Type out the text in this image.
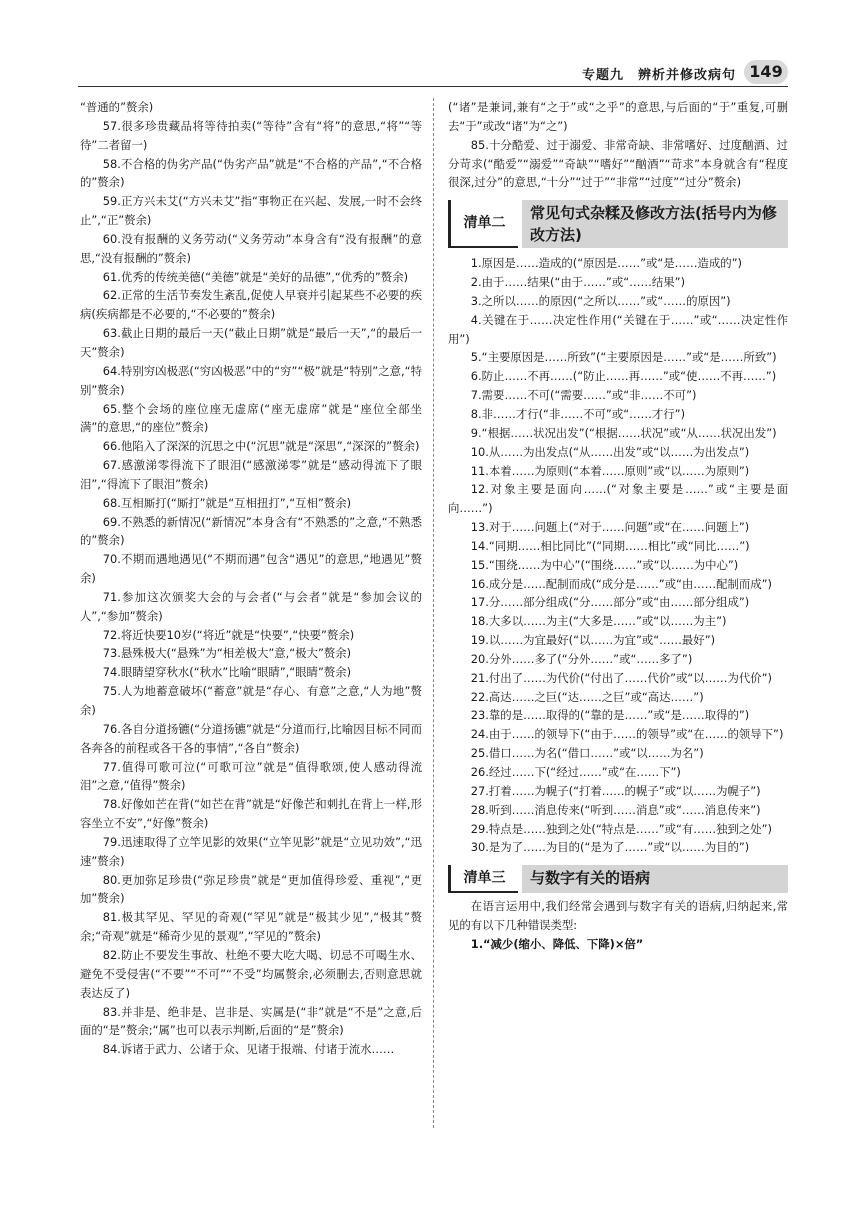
专题九　辨析并修改病句 149

“普通的”赘余)

57.很多珍贵藏品将等待拍卖(“等待”含有“将”的意思,“将”“等待”二者留一)

58.不合格的伪劣产品(“伪劣产品”就是“不合格的产品”,“不合格的”赘余)

59.正方兴未艾(“方兴未艾”指“事物正在兴起、发展,一时不会终止”,“正”赘余)

60.没有报酬的义务劳动(“义务劳动”本身含有“没有报酬”的意思,“没有报酬的”赘余)

61.优秀的传统美德(“美德”就是“美好的品德”,“优秀的”赘余)

62.正常的生活节奏发生紊乱,促使人早衰并引起某些不必要的疾病(疾病都是不必要的,“不必要的”赘余)

63.截止日期的最后一天(“截止日期”就是“最后一天”,“的最后一天”赘余)

64.特别穷凶极恶(“穷凶极恶”中的“穷”“极”就是“特别”之意,“特别”赘余)

65.整个会场的座位座无虚席(“座无虚席”就是“座位全部坐满”的意思,“的座位”赘余)

66.他陷入了深深的沉思之中(“沉思”就是“深思”,“深深的”赘余)

67.感激涕零得流下了眼泪(“感激涕零”就是“感动得流下了眼泪”,“得流下了眼泪”赘余)

68.互相厮打(“厮打”就是“互相扭打”,“互相”赘余)

69.不熟悉的新情况(“新情况”本身含有“不熟悉的”之意,“不熟悉的”赘余)

70.不期而遇地遇见(“不期而遇”包含“遇见”的意思,“地遇见”赘余)

71.参加这次颁奖大会的与会者(“与会者”就是“参加会议的人”,“参加”赘余)

72.将近快要10岁(“将近”就是“快要”,“快要”赘余)

73.悬殊极大(“悬殊”为“相差极大”意,“极大”赘余)

74.眼睛望穿秋水(“秋水”比喻“眼睛”,“眼睛”赘余)

75.人为地蓄意破坏(“蓄意”就是“存心、有意”之意,“人为地”赘余)

76.各自分道扬镳(“分道扬镳”就是“分道而行,比喻因目标不同而各奔各的前程或各干各的事情”,“各自”赘余)

77.值得可歌可泣(“可歌可泣”就是“值得歌颂,使人感动得流泪”之意,“值得”赘余)

78.好像如芒在背(“如芒在背”就是“好像芒和刺扎在背上一样,形容坐立不安”,“好像”赘余)

79.迅速取得了立竿见影的效果(“立竿见影”就是“立见功效”,“迅速”赘余)

80.更加弥足珍贵(“弥足珍贵”就是“更加值得珍爱、重视”,“更加”赘余)

81.极其罕见、罕见的奇观(“罕见”就是“极其少见”,“极其”赘余;“奇观”就是“稀奇少见的景观”,“罕见的”赘余)

82.防止不要发生事故、杜绝不要大吃大喝、切忌不可喝生水、避免不受侵害(“不要”“不可”“不受”均属赘余,必须删去,否则意思就表达反了)

83.并非是、绝非是、岂非是、实属是(“非”就是“不是”之意,后面的“是”赘余;“属”也可以表示判断,后面的“是”赘余)

84.诉诸于武力、公诸于众、见诸于报端、付诸于流水……

(“诸”是兼词,兼有“之于”或“之乎”的意思,与后面的“于”重复,可删去“于”或改“诸”为“之”)

85.十分酷爱、过于溺爱、非常奇缺、非常嗜好、过度酗酒、过分苛求(“酷爱”“溺爱”“奇缺”“嗜好”“酗酒”“苛求”本身就含有“程度很深,过分”的意思,“十分”“过于”“非常”“过度”“过分”赘余)

清单二
常见句式杂糅及修改方法(括号内为修改方法)

1.原因是……造成的(“原因是……”或“是……造成的”)

2.由于……结果(“由于……”或“……结果”)

3.之所以……的原因(“之所以……”或“……的原因”)

4.关键在于……决定性作用(“关键在于……”或“……决定性作用”)

5.“主要原因是……所致”(“主要原因是……”或“是……所致”)

6.防止……不再……(“防止……再……”或“使……不再……”)

7.需要……不可(“需要……”或“非……不可”)

8.非……才行(“非……不可”或“……才行”)

9.“根据……状况出发”(“根据……状况”或“从……状况出发”)

10.从……为出发点(“从……出发”或“以……为出发点”)

11.本着……为原则(“本着……原则”或“以……为原则”)

12.对象主要是面向……(“对象主要是……”或“主要是面向……”)

13.对于……问题上(“对于……问题”或“在……问题上”)

14.“同期……相比同比”(“同期……相比”或“同比……”)

15.“围绕……为中心”(“围绕……”或“以……为中心”)

16.成分是……配制而成(“成分是……”或“由……配制而成”)

17.分……部分组成(“分……部分”或“由……部分组成”)

18.大多以……为主(“大多是……”或“以……为主”)

19.以……为宜最好(“以……为宜”或“……最好”)

20.分外……多了(“分外……”或“……多了”)

21.付出了……为代价(“付出了……代价”或“以……为代价”)

22.高达……之巨(“达……之巨”或“高达……”)

23.靠的是……取得的(“靠的是……”或“是……取得的”)

24.由于……的领导下(“由于……的领导”或“在……的领导下”)

25.借口……为名(“借口……”或“以……为名”)

26.经过……下(“经过……”或“在……下”)

27.打着……为幌子(“打着……的幌子”或“以……为幌子”)

28.听到……消息传来(“听到……消息”或“……消息传来”)

29.特点是……独到之处(“特点是……”或“有……独到之处”)

30.是为了……为目的(“是为了……”或“以……为目的”)

清单三	与数字有关的语病

在语言运用中,我们经常会遇到与数字有关的语病,归纳起来,常见的有以下几种错误类型:

1.“减少(缩小、降低、下降)×倍”
